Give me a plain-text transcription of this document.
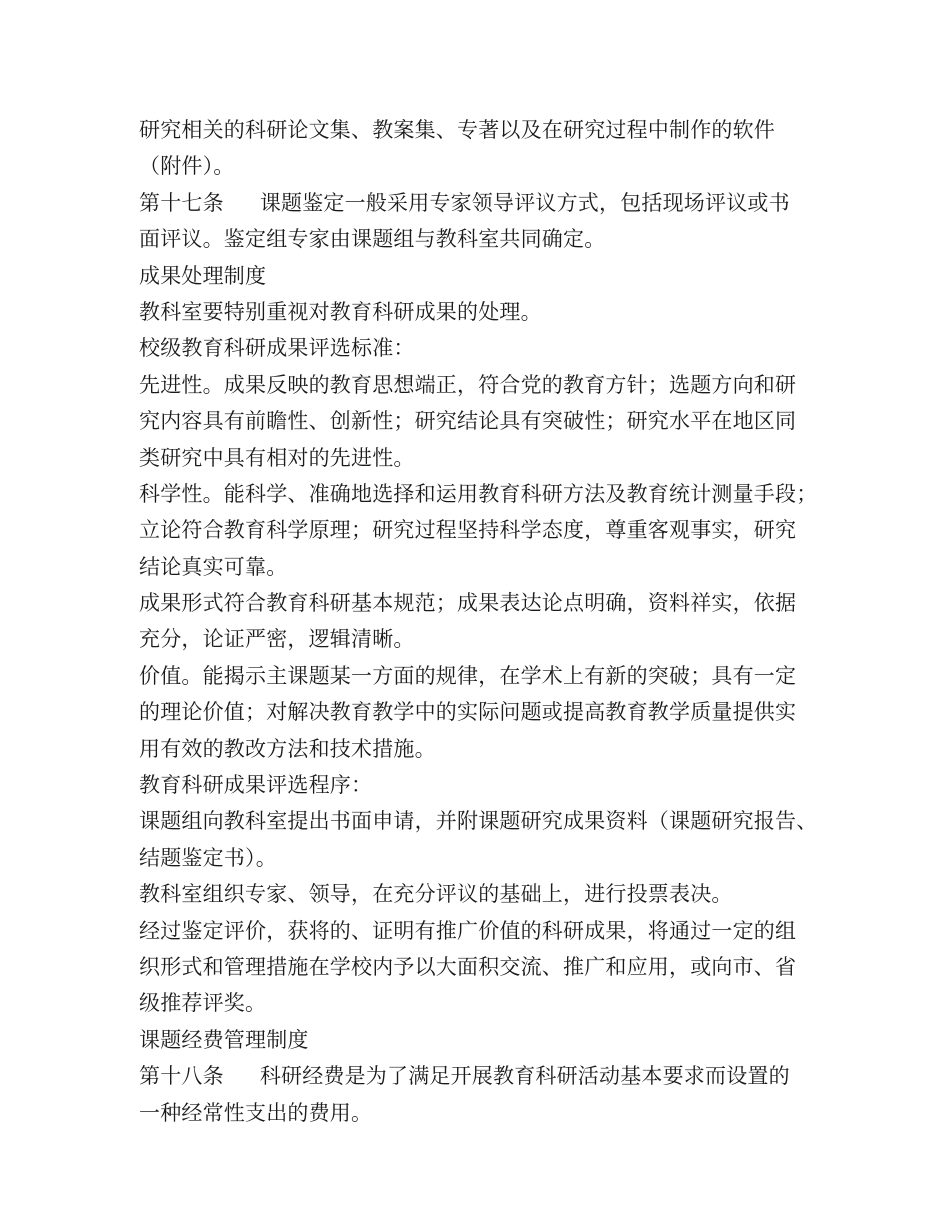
研究相关的科研论文集、教案集、专著以及在研究过程中制作的软件
（附件）。
第十七条 课题鉴定一般采用专家领导评议方式，包括现场评议或书
面评议。鉴定组专家由课题组与教科室共同确定。
成果处理制度
教科室要特别重视对教育科研成果的处理。
校级教育科研成果评选标准：
先进性。成果反映的教育思想端正，符合党的教育方针；选题方向和研
究内容具有前瞻性、创新性；研究结论具有突破性；研究水平在地区同
类研究中具有相对的先进性。
科学性。能科学、准确地选择和运用教育科研方法及教育统计测量手段；
立论符合教育科学原理；研究过程坚持科学态度，尊重客观事实，研究
结论真实可靠。
成果形式符合教育科研基本规范；成果表达论点明确，资料祥实，依据
充分，论证严密，逻辑清晰。
价值。能揭示主课题某一方面的规律，在学术上有新的突破；具有一定
的理论价值；对解决教育教学中的实际问题或提高教育教学质量提供实
用有效的教改方法和技术措施。
教育科研成果评选程序：
课题组向教科室提出书面申请，并附课题研究成果资料（课题研究报告、
结题鉴定书）。
教科室组织专家、领导，在充分评议的基础上，进行投票表决。
经过鉴定评价，获将的、证明有推广价值的科研成果，将通过一定的组
织形式和管理措施在学校内予以大面积交流、推广和应用，或向市、省
级推荐评奖。
课题经费管理制度
第十八条 科研经费是为了满足开展教育科研活动基本要求而设置的
一种经常性支出的费用。
